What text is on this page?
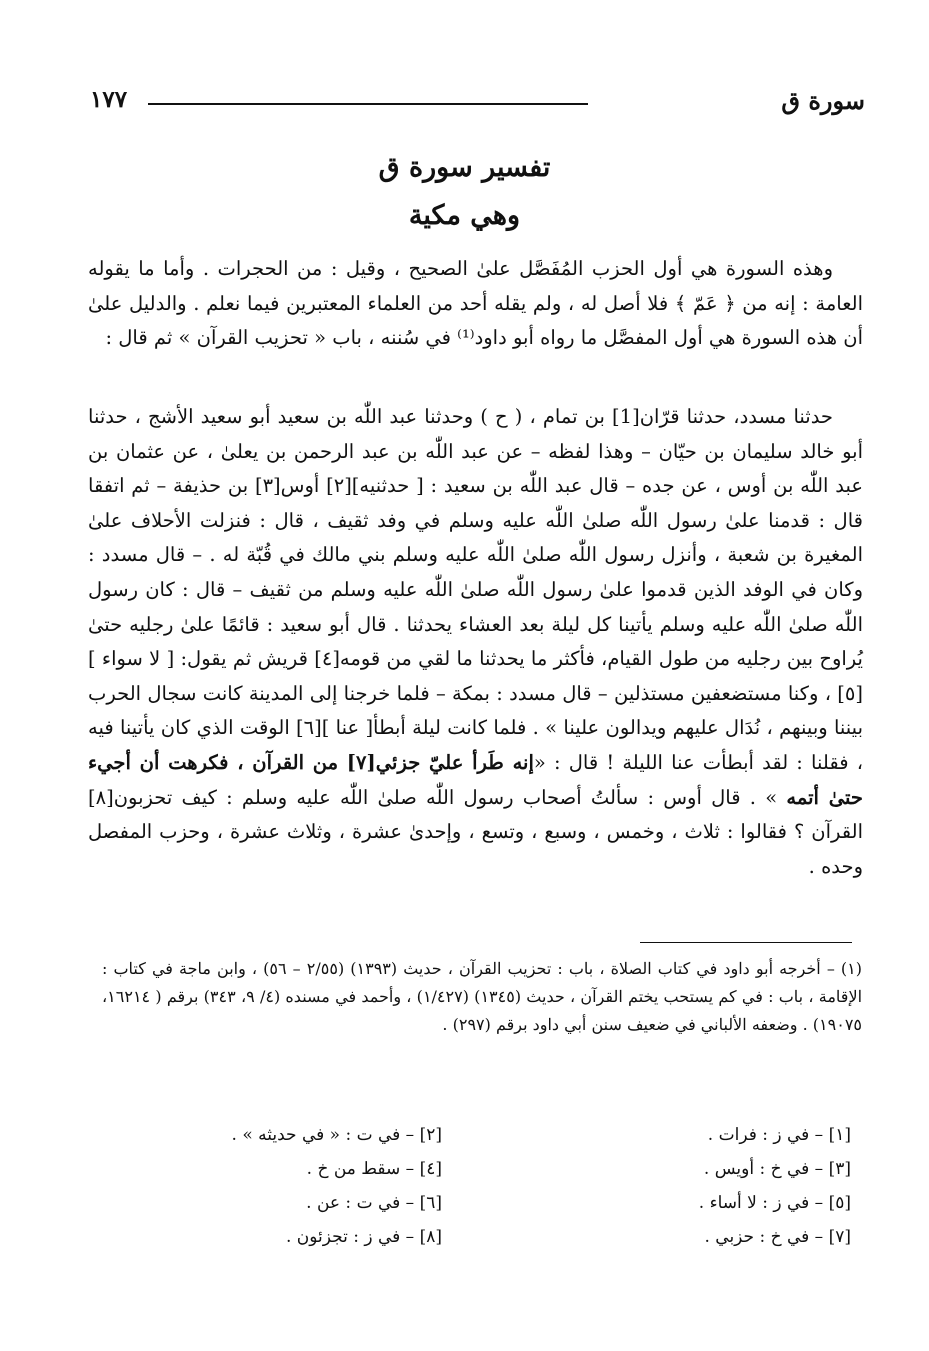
سورة ق
١٧٧
تفسير سورة ق
وهي مكية

وهذه السورة هي أول الحزب المُفَصَّل علىٰ الصحيح ، وقيل : من الحجرات . وأما ما يقوله العامة : إنه من ﴿ عَمّ ﴾ فلا أصل له ، ولم يقله أحد من العلماء المعتبرين فيما نعلم . والدليل علىٰ أن هذه السورة هي أول المفصَّل ما رواه أبو داود⁽¹⁾ في سُننه ، باب « تحزيب القرآن » ثم قال :

حدثنا مسدد، حدثنا قرّان[1] بن تمام ، ( ح ) وحدثنا عبد اللّٰه بن سعيد أبو سعيد الأشج ، حدثنا أبو خالد سليمان بن حيّان – وهذا لفظه – عن عبد اللّٰه بن عبد الرحمن بن يعلىٰ ، عن عثمان بن عبد اللّٰه بن أوس ، عن جده – قال عبد اللّٰه بن سعيد : [ حدثنيه][٢] أوس[٣] بن حذيفة – ثم اتفقا قال : قدمنا علىٰ رسول اللّٰه صلىٰ اللّٰه عليه وسلم في وفد ثقيف ، قال : فنزلت الأحلاف علىٰ المغيرة بن شعبة ، وأنزل رسول اللّٰه صلىٰ اللّٰه عليه وسلم بني مالك في قُبّة له . – قال مسدد : وكان في الوفد الذين قدموا علىٰ رسول اللّٰه صلىٰ اللّٰه عليه وسلم من ثقيف – قال : كان رسول اللّٰه صلىٰ اللّٰه عليه وسلم يأتينا كل ليلة بعد العشاء يحدثنا . قال أبو سعيد : قائمًا علىٰ رجليه حتىٰ يُراوح بين رجليه من طول القيام، فأكثر ما يحدثنا ما لقي من قومه[٤] قريش ثم يقول: [ لا سواء ][٥] ، وكنا مستضعفين مستذلين – قال مسدد : بمكة – فلما خرجنا إلى المدينة كانت سجال الحرب بيننا وبينهم ، نُدَال عليهم ويدالون علينا » . فلما كانت ليلة أبطأ[ عنا ][٦] الوقت الذي كان يأتينا فيه ، فقلنا : لقد أبطأت عنا الليلة ! قال : «إنه طَرأ عليّ جزئي[٧] من القرآن ، فكرهت أن أجيء حتىٰ أتمه » . قال أوس : سألتُ أصحاب رسول اللّٰه صلىٰ اللّٰه عليه وسلم : كيف تحزبون[٨] القرآن ؟ فقالوا : ثلاث ، وخمس ، وسبع ، وتسع ، وإحدىٰ عشرة ، وثلاث عشرة ، وحزب المفصل وحده .

(١) – أخرجه أبو داود في كتاب الصلاة ، باب : تحزيب القرآن ، حديث (١٣٩٣) (٢/٥٥ – ٥٦) ، وابن ماجة في كتاب : الإقامة ، باب : في كم يستحب يختم القرآن ، حديث (١٣٤٥) (١/٤٢٧) ، وأحمد في مسنده (٤/ ٩، ٣٤٣) برقم ( ١٦٢١٤، ١٩٠٧٥) . وضعفه الألباني في ضعيف سنن أبي داود برقم (٢٩٧) .

[١] – في ز : فرات .
[٣] – في خ : أويس .
[٥] – في ز : لا أساء .
[٧] – في خ : حزبي .
[٢] – في ت : « في حديثه » .
[٤] – سقط من خ .
[٦] – في ت : عن .
[٨] – في ز : تجزئون .
